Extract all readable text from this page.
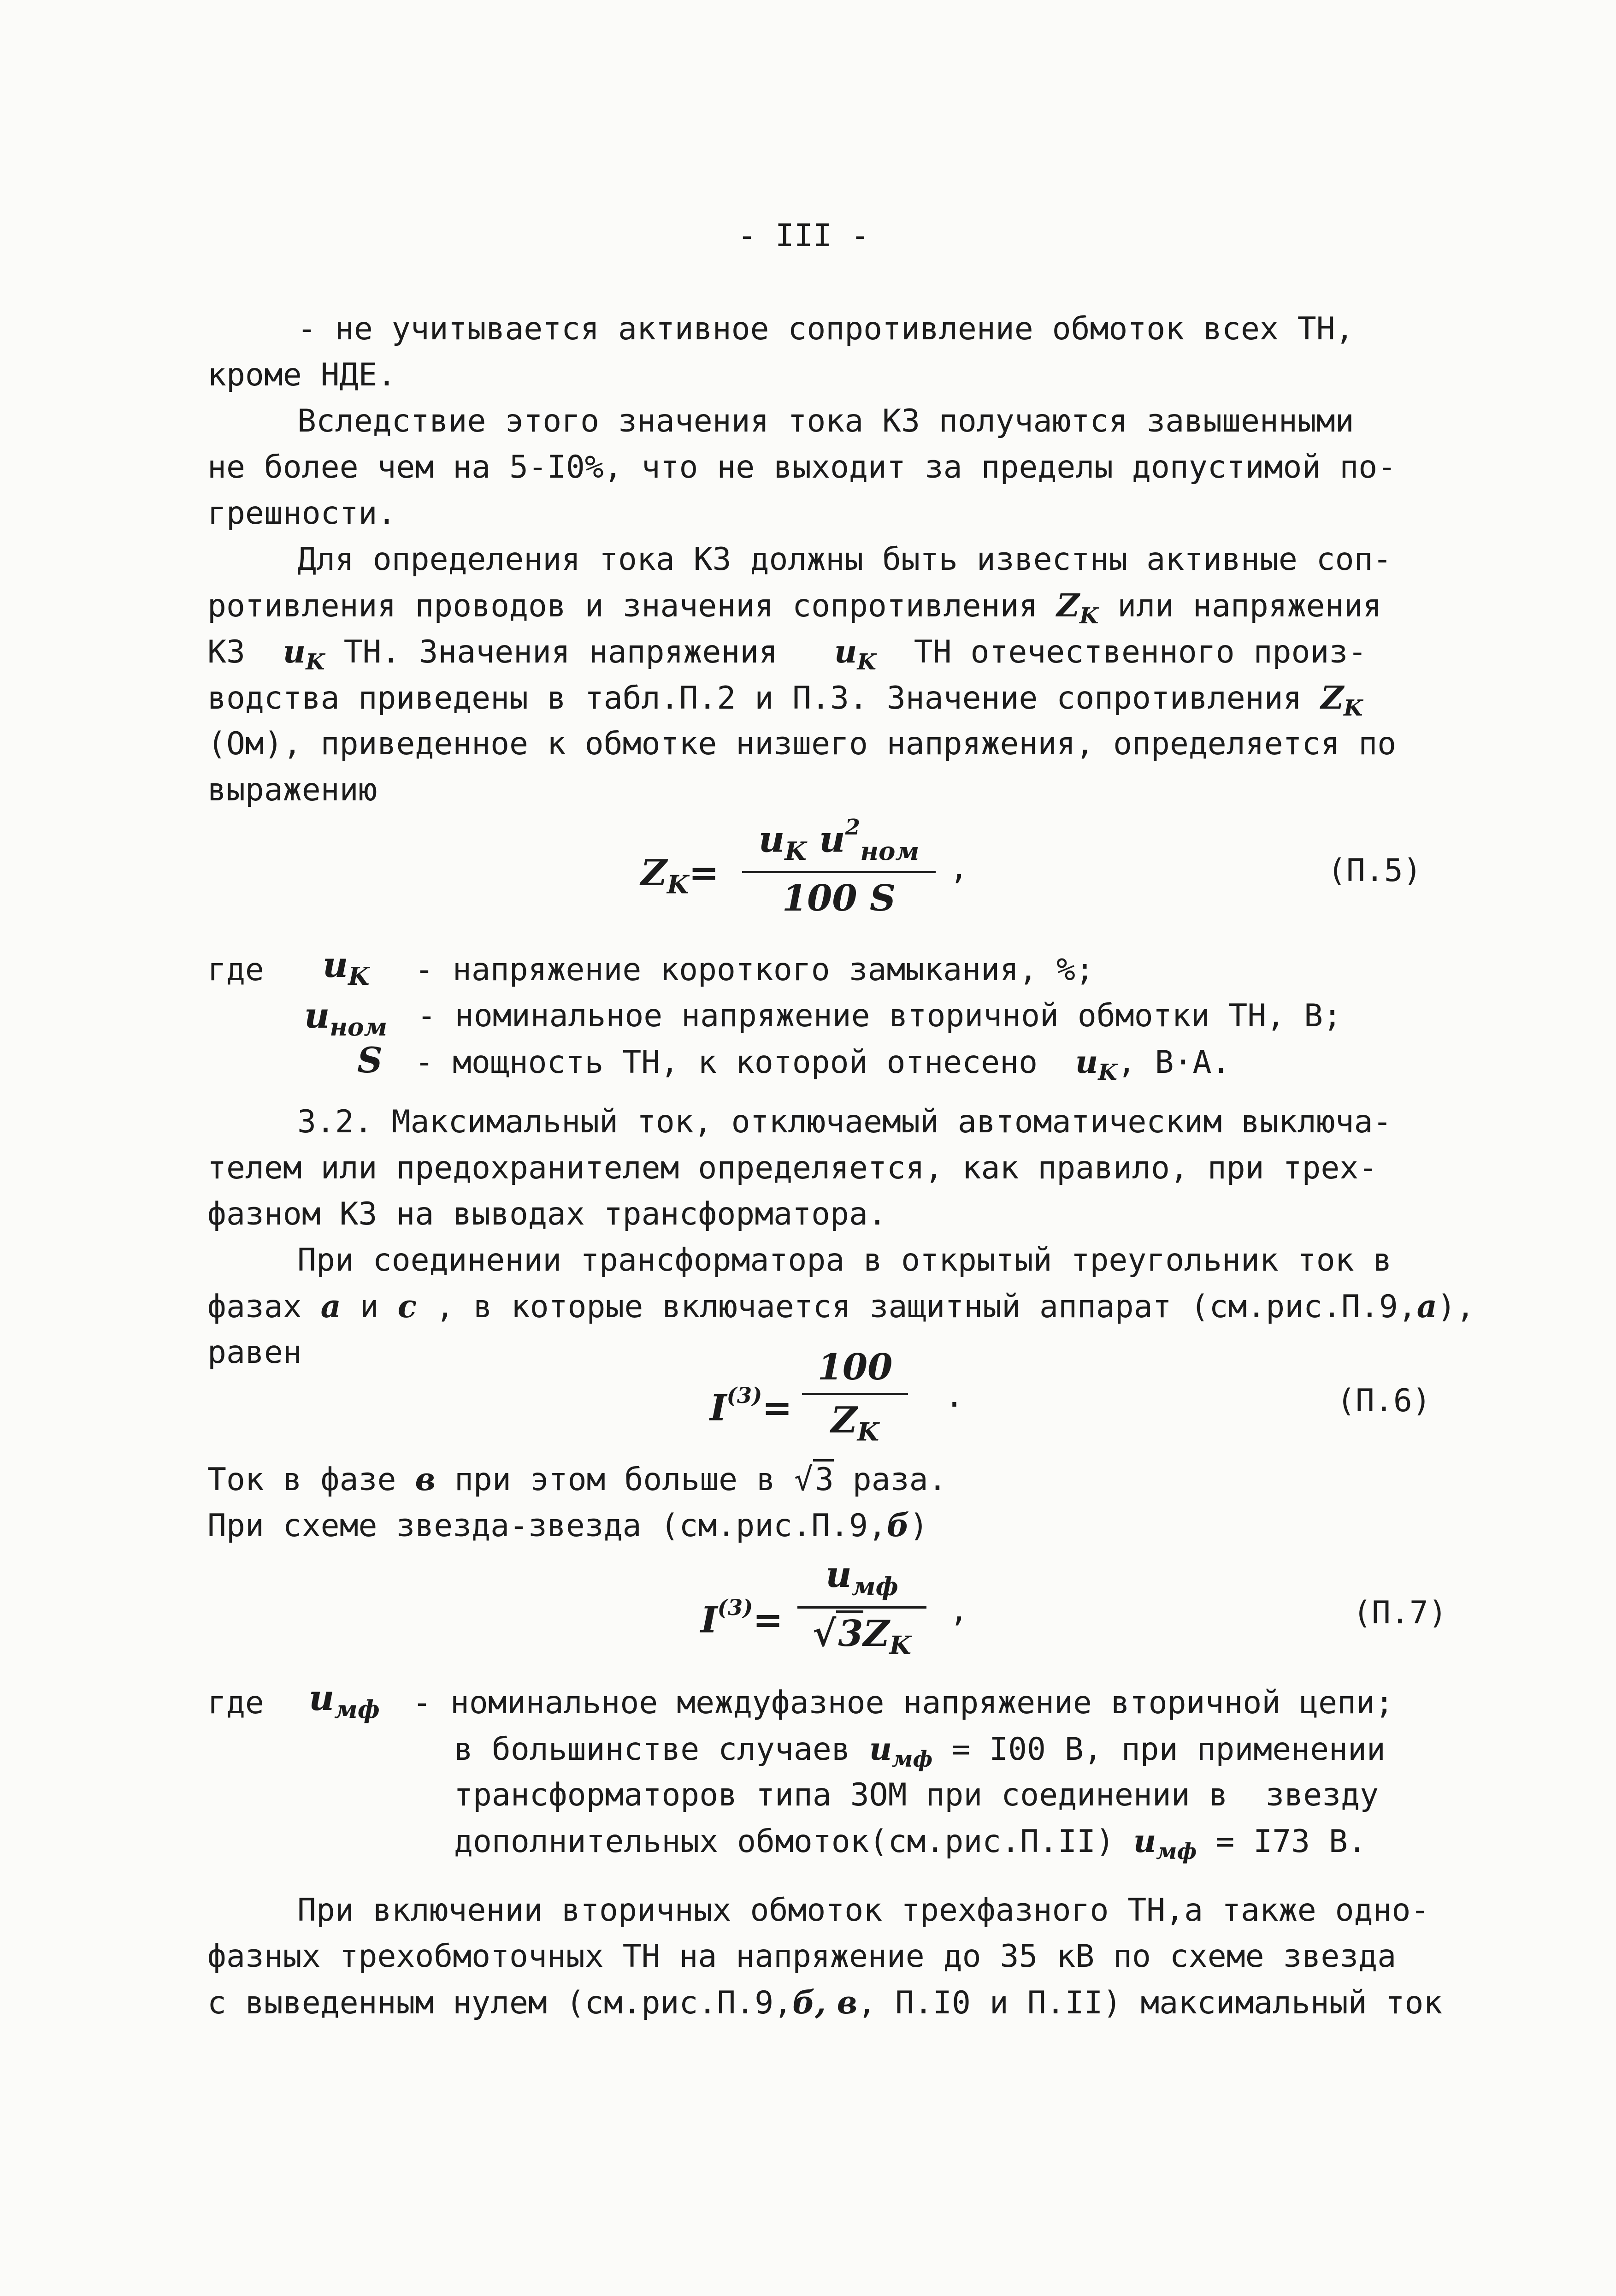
- III -
- не учитывается активное сопротивление обмоток всех ТН,
кроме НДЕ.
Вследствие этого значения тока КЗ получаются завышенными
не более чем на 5-I0%, что не выходит за пределы допустимой по-
грешности.
Для определения тока КЗ должны быть известны активные соп-
ротивления проводов и значения сопротивления $Z_K$ или напряжения
КЗ $u_K$ ТН. Значения напряжения $u_K$ ТН отечественного произ-
водства приведены в табл.П.2 и П.3. Значение сопротивления $Z_K$
(Ом), приведенное к обмотке низшего напряжения, определяется по
выражению
$Z_K=$
$u_K$ $u^2_{ном}$
100 S
,	(П.5)
где $u_K$ - напряжение короткого замыкания, %;
$u_{ном}$ - номинальное напряжение вторичной обмотки ТН, В;
S - мощность ТН, к которой отнесено $u_K$, В·А.
3.2. Максимальный ток, отключаемый автоматическим выключа-
телем или предохранителем определяется, как правило, при трех-
фазном КЗ на выводах трансформатора.
При соединении трансформатора в открытый треугольник ток в
фазах a и c , в которые включается защитный аппарат (см.рис.П.9,a),
равен
$I^{(3)}=$
100
$Z_K$
.	(П.6)
Ток в фазе в при этом больше в √3 раза.
При схеме звезда-звезда (см.рис.П.9,б)
$I^{(3)}=$
$u_{мф}$
$√3Z_K$
,	(П.7)
где $u_{мф}$ - номинальное междуфазное напряжение вторичной цепи;
в большинстве случаев $u_{мф} = I00$ В, при применении
трансформаторов типа ЗОМ при соединении в  звезду
дополнительных обмоток(см.рис.П.II) $u_{мф} = I73$ В.
При включении вторичных обмоток трехфазного ТН,а также одно-
фазных трехобмоточных ТН на напряжение до 35 кВ по схеме звезда
с выведенным нулем (см.рис.П.9,б, в, П.I0 и П.II) максимальный ток
